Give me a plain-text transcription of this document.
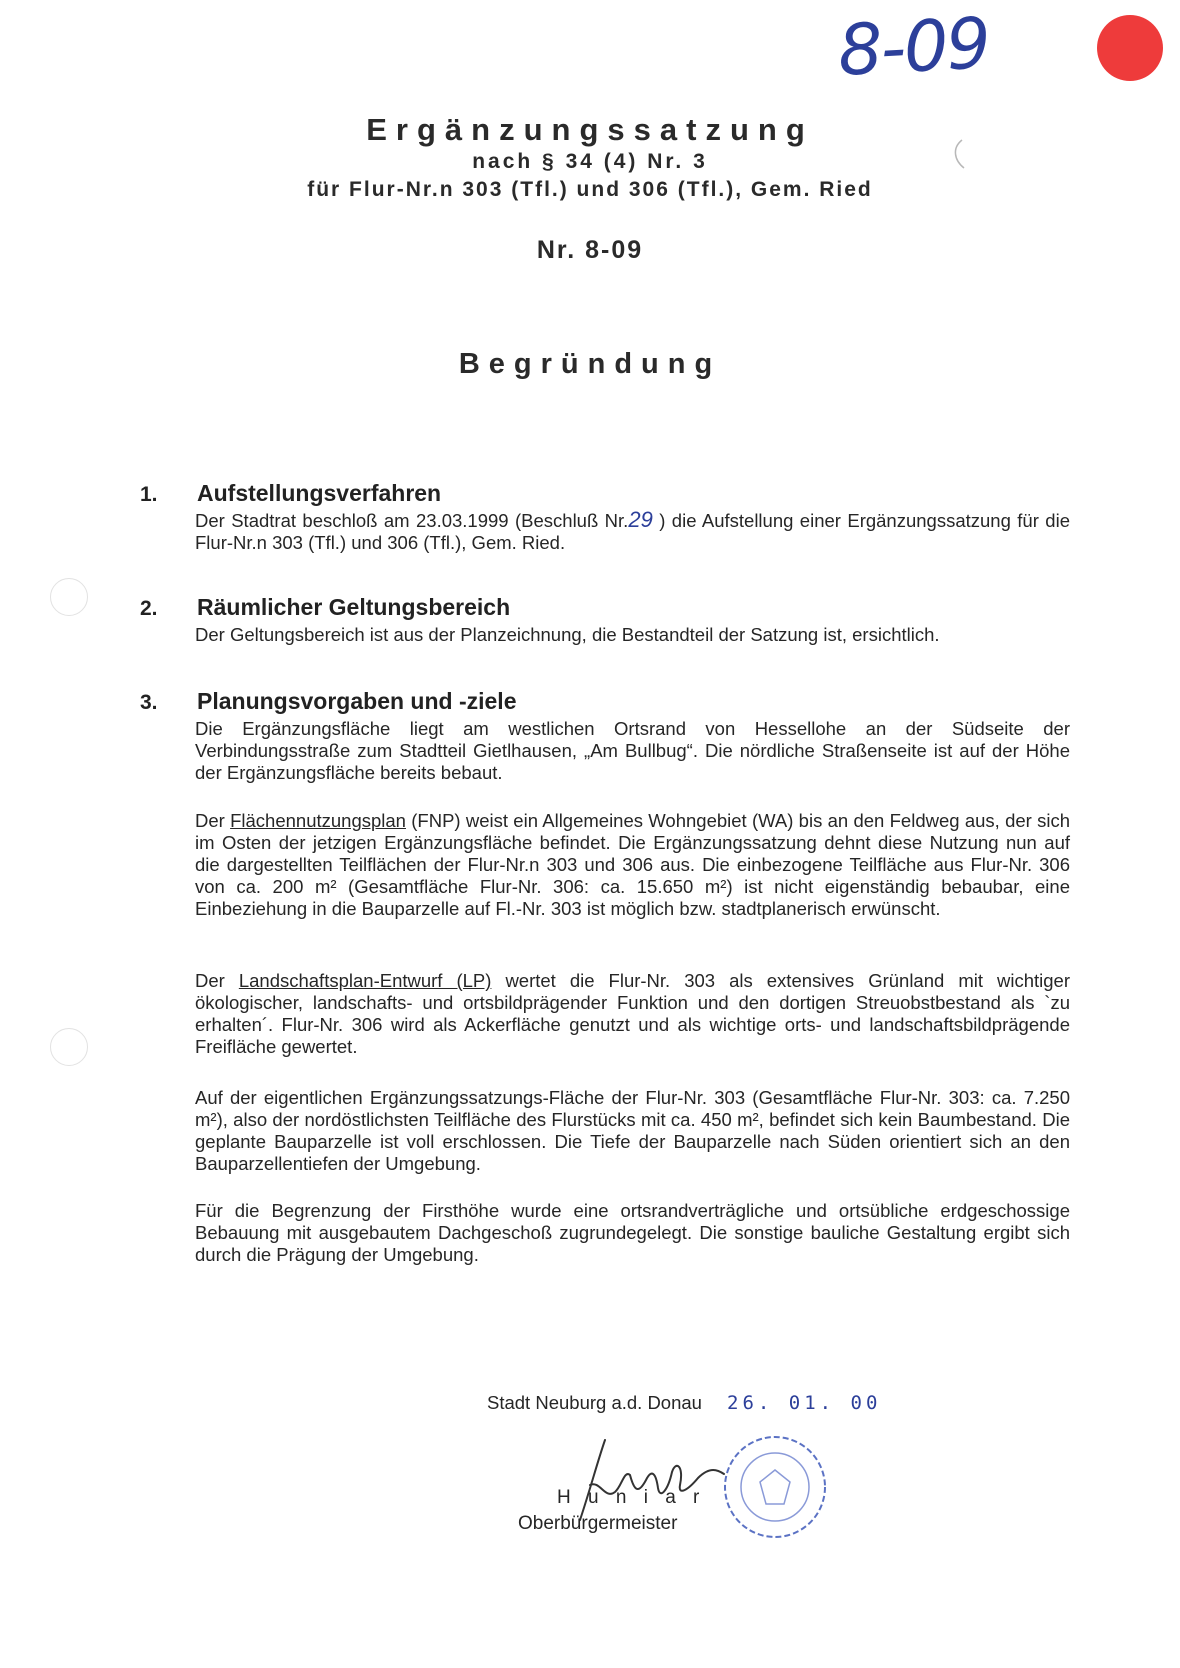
8-09
Ergänzungssatzung
nach § 34 (4) Nr. 3
für Flur-Nr.n 303 (Tfl.) und 306 (Tfl.), Gem. Ried
Nr. 8-09
Begründung
1. Aufstellungsverfahren
Der Stadtrat beschloß am 23.03.1999 (Beschluß Nr.29 ) die Aufstellung einer Ergänzungssatzung für die Flur-Nr.n 303 (Tfl.) und 306 (Tfl.), Gem. Ried.
2. Räumlicher Geltungsbereich
Der Geltungsbereich ist aus der Planzeichnung, die Bestandteil der Satzung ist, ersichtlich.
3. Planungsvorgaben und -ziele
Die Ergänzungsfläche liegt am westlichen Ortsrand von Hessellohe an der Südseite der Verbindungsstraße zum Stadtteil Gietlhausen, „Am Bullbug“. Die nördliche Straßenseite ist auf der Höhe der Ergänzungsfläche bereits bebaut.
Der Flächennutzungsplan (FNP) weist ein Allgemeines Wohngebiet (WA) bis an den Feldweg aus, der sich im Osten der jetzigen Ergänzungsfläche befindet. Die Ergänzungssatzung dehnt diese Nutzung nun auf die dargestellten Teilflächen der Flur-Nr.n 303 und 306 aus. Die einbezogene Teilfläche aus Flur-Nr. 306 von ca. 200 m² (Gesamtfläche Flur-Nr. 306: ca. 15.650 m²) ist nicht eigenständig bebaubar, eine Einbeziehung in die Bauparzelle auf Fl.-Nr. 303 ist möglich bzw. stadtplanerisch erwünscht.
Der Landschaftsplan-Entwurf (LP) wertet die Flur-Nr. 303 als extensives Grünland mit wichtiger ökologischer, landschafts- und ortsbildprägender Funktion und den dortigen Streuobstbestand als `zu erhalten´. Flur-Nr. 306 wird als Ackerfläche genutzt und als wichtige orts- und landschaftsbildprägende Freifläche gewertet.
Auf der eigentlichen Ergänzungssatzungs-Fläche der Flur-Nr. 303 (Gesamtfläche Flur-Nr. 303: ca. 7.250 m²), also der nordöstlichsten Teilfläche des Flurstücks mit ca. 450 m², befindet sich kein Baumbestand. Die geplante Bauparzelle ist voll erschlossen. Die Tiefe der Bauparzelle nach Süden orientiert sich an den Bauparzellentiefen der Umgebung.
Für die Begrenzung der Firsthöhe wurde eine ortsrandverträgliche und ortsübliche erdgeschossige Bebauung mit ausgebautem Dachgeschoß zugrundegelegt. Die sonstige bauliche Gestaltung ergibt sich durch die Prägung der Umgebung.
Stadt Neuburg a.d. Donau 26. 01. 00
H u n i a r
Oberbürgermeister
